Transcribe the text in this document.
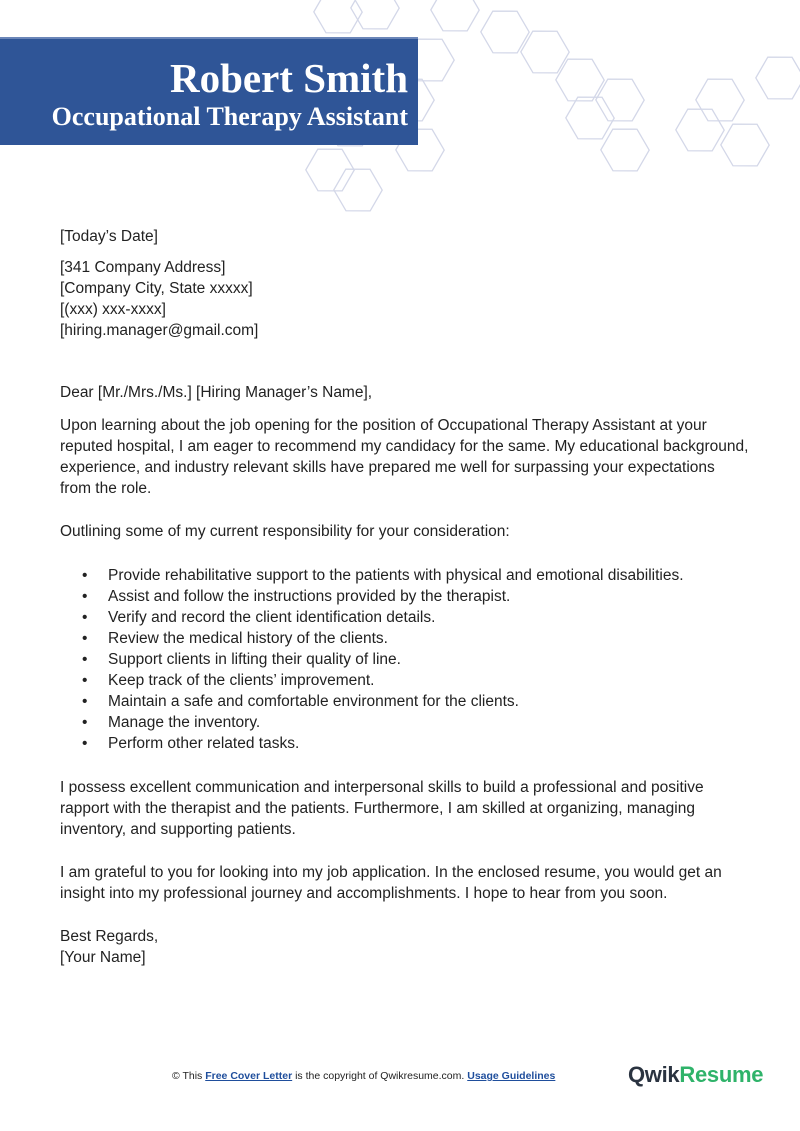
Robert Smith
Occupational Therapy Assistant
[Today’s Date]

[341 Company Address]

[Company City, State xxxxx]

[(xxx) xxx-xxxx]

[hiring.manager@gmail.com]

Dear [Mr./Mrs./Ms.] [Hiring Manager’s Name],
Upon learning about the job opening for the position of Occupational Therapy Assistant at your reputed hospital, I am eager to recommend my candidacy for the same. My educational background, experience, and industry relevant skills have prepared me well for surpassing your expectations from the role.
Outlining some of my current responsibility for your consideration:
• Provide rehabilitative support to the patients with physical and emotional disabilities.
• Assist and follow the instructions provided by the therapist.
• Verify and record the client identification details.
• Review the medical history of the clients.
• Support clients in lifting their quality of line.
• Keep track of the clients’ improvement.
• Maintain a safe and comfortable environment for the clients.
• Manage the inventory.
• Perform other related tasks.
I possess excellent communication and interpersonal skills to build a professional and positive rapport with the therapist and the patients. Furthermore, I am skilled at organizing, managing inventory, and supporting patients.
I am grateful to you for looking into my job application. In the enclosed resume, you would get an insight into my professional journey and accomplishments. I hope to hear from you soon.
Best Regards,
[Your Name]
© This Free Cover Letter is the copyright of Qwikresume.com. Usage Guidelines	QwikResume
